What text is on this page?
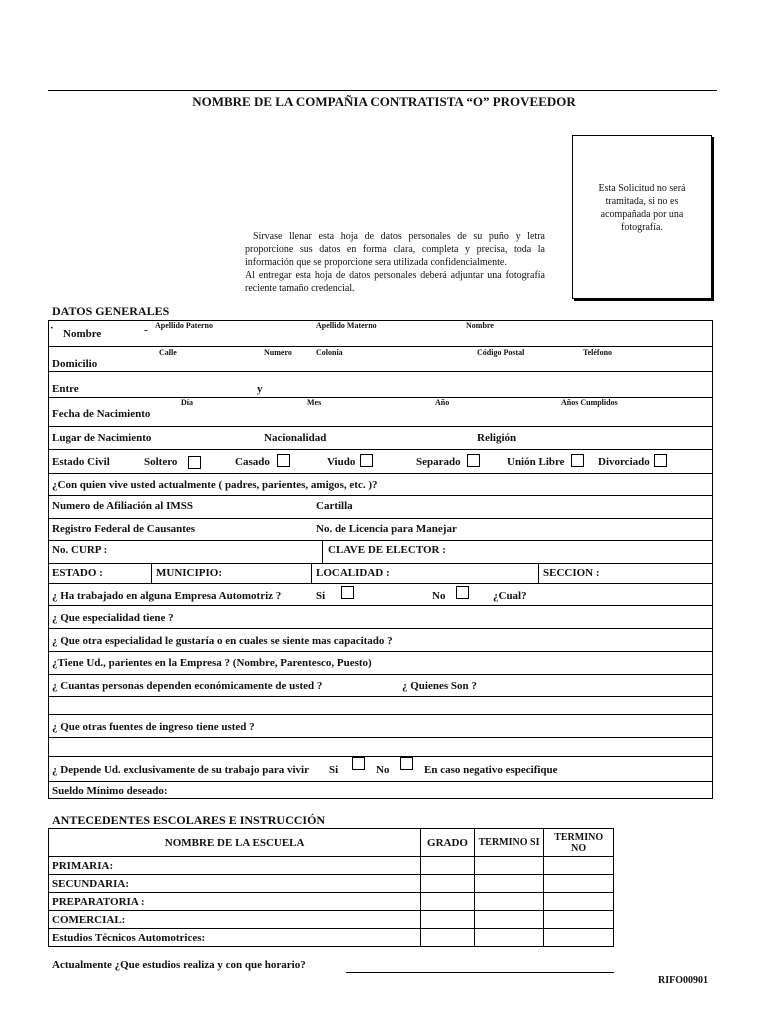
NOMBRE DE LA COMPAÑIA CONTRATISTA “O” PROVEEDOR
Esta Solicitud no será tramitada, si no es acompañada por una fotografía.
Sírvase llenar esta hoja de datos personales de su puño y letra proporcione sus datos en forma clara, completa y precisa, toda la información que se proporcione sera utilizada confidencialmente.
Al entregar esta hoja de datos personales deberá adjuntar una fotografía reciente tamaño credencial.
DATOS GENERALES
· Nombre	- Apellido Paterno	Apellido Materno	Nombre
Calle	Numero	Colonia	Código Postal	Teléfono
Domicilio
Entre	y
Día	Mes	Año	Años Cumplidos
Fecha de Nacimiento
Lugar de Nacimiento	Nacionalidad	Religión
Estado Civil	Soltero	Casado	Viudo	Separado	Unión Libre	Divorciado
¿Con quien vive usted actualmente ( padres, parientes, amigos, etc. )?
Numero de Afiliación al IMSS	Cartilla
Registro Federal de Causantes	No. de Licencia para Manejar
No. CURP :	CLAVE DE ELECTOR :
ESTADO :	MUNICIPIO:	LOCALIDAD :	SECCION :
¿ Ha trabajado en alguna Empresa Automotriz ?	Si	No	¿Cual?
¿ Que especialidad tiene ?
¿ Que otra especialidad le gustaría o en cuales se siente mas capacitado ?
¿Tiene Ud., parientes en la Empresa ? (Nombre, Parentesco, Puesto)
¿ Cuantas personas dependen económicamente de usted ?	¿ Quienes Son ?
¿ Que otras fuentes de ingreso tiene usted ?
¿ Depende Ud. exclusivamente de su trabajo para vivir Si	No	En caso negativo especifique
Sueldo Mínimo deseado:
ANTECEDENTES ESCOLARES E INSTRUCCIÓN
NOMBRE DE LA ESCUELA	GRADO	TERMINO SI	TERMINO NO
PRIMARIA:			
SECUNDARIA:			
PREPARATORIA :			
COMERCIAL:			
Estudios Técnicos Automotrices:			
Actualmente ¿Que estudios realiza y con que horario?
RIFO00901
